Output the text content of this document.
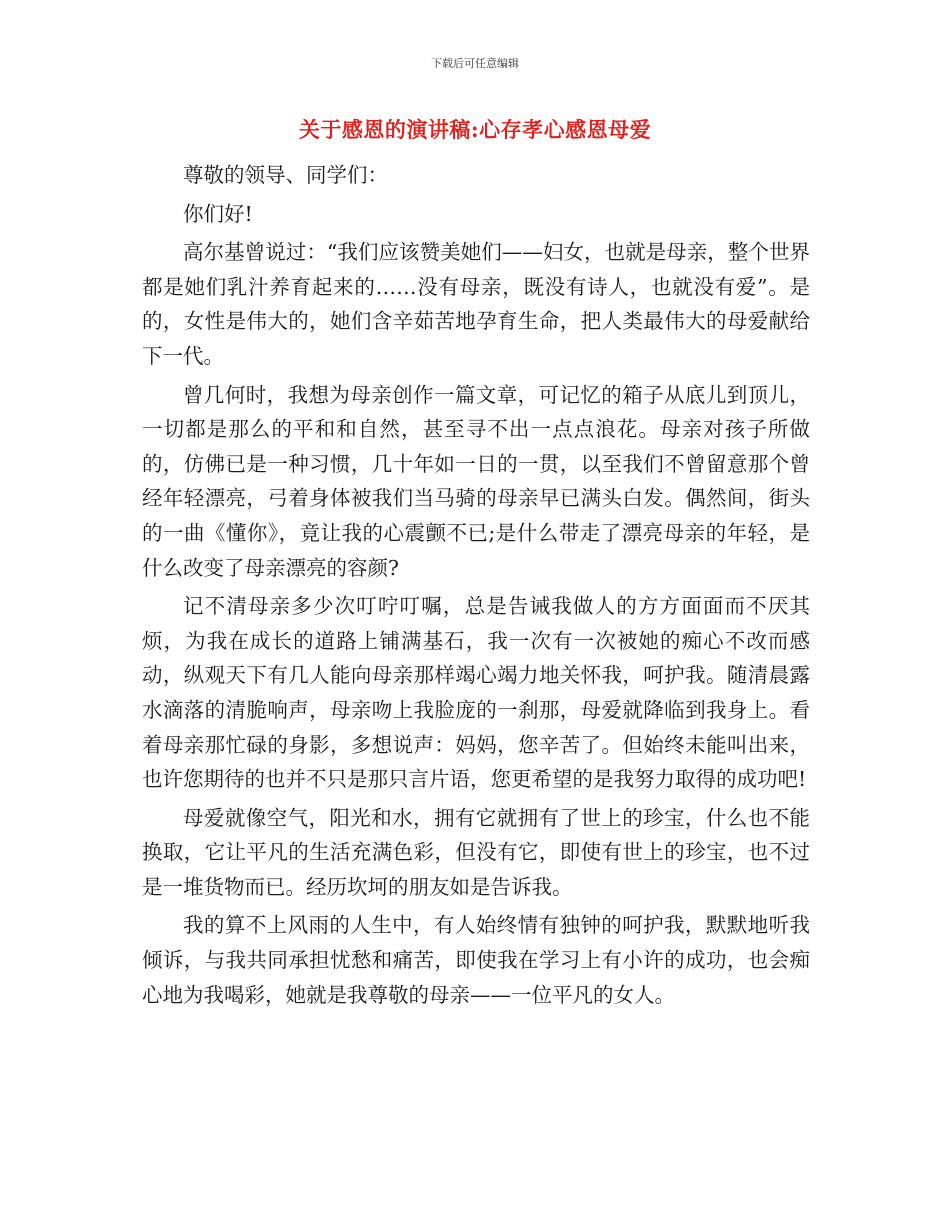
下载后可任意编辑
关于感恩的演讲稿:心存孝心感恩母爱

尊敬的领导、同学们：

你们好!

高尔基曾说过：“我们应该赞美她们——妇女，也就是母亲，整个世界都是她们乳汁养育起来的……没有母亲，既没有诗人，也就没有爱”。是的，女性是伟大的，她们含辛茹苦地孕育生命，把人类最伟大的母爱献给下一代。

曾几何时，我想为母亲创作一篇文章，可记忆的箱子从底儿到顶儿，一切都是那么的平和和自然，甚至寻不出一点点浪花。母亲对孩子所做的，仿佛已是一种习惯，几十年如一日的一贯，以至我们不曾留意那个曾经年轻漂亮，弓着身体被我们当马骑的母亲早已满头白发。偶然间，街头的一曲《懂你》，竟让我的心震颤不已;是什么带走了漂亮母亲的年轻，是什么改变了母亲漂亮的容颜?

记不清母亲多少次叮咛叮嘱，总是告诫我做人的方方面面而不厌其烦，为我在成长的道路上铺满基石，我一次有一次被她的痴心不改而感动，纵观天下有几人能向母亲那样竭心竭力地关怀我，呵护我。随清晨露水滴落的清脆响声，母亲吻上我脸庞的一刹那，母爱就降临到我身上。看着母亲那忙碌的身影，多想说声：妈妈，您辛苦了。但始终未能叫出来，也许您期待的也并不只是那只言片语，您更希望的是我努力取得的成功吧!

母爱就像空气，阳光和水，拥有它就拥有了世上的珍宝，什么也不能换取，它让平凡的生活充满色彩，但没有它，即使有世上的珍宝，也不过是一堆货物而已。经历坎坷的朋友如是告诉我。

我的算不上风雨的人生中，有人始终情有独钟的呵护我，默默地听我倾诉，与我共同承担忧愁和痛苦，即使我在学习上有小许的成功，也会痴心地为我喝彩，她就是我尊敬的母亲——一位平凡的女人。
